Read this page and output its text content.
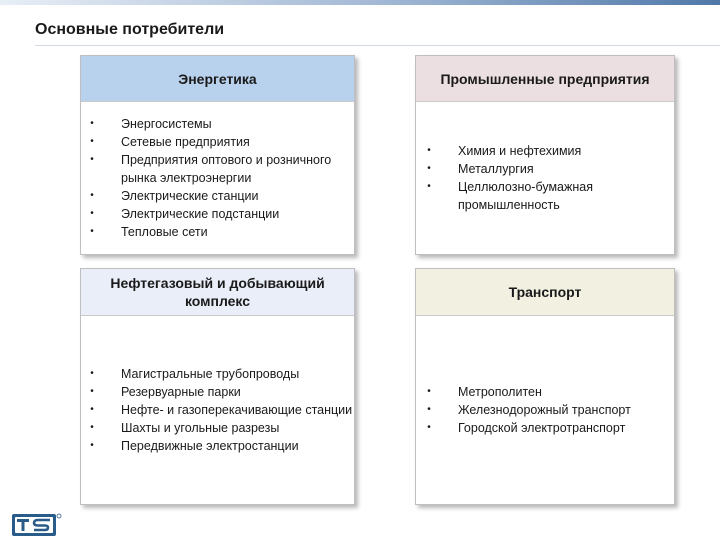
Основные потребители
Энергетика
• Энергосистемы
• Сетевые предприятия
• Предприятия оптового и розничного рынка электроэнергии
• Электрические станции
• Электрические подстанции
• Тепловые сети
Промышленные предприятия
• Химия и нефтехимия
• Металлургия
• Целлюлозно-бумажная промышленность
Нефтегазовый и добывающий комплекс
• Магистральные трубопроводы
• Резервуарные парки
• Нефте- и газоперекачивающие станции
• Шахты и угольные разрезы
• Передвижные электростанции
Транспорт
• Метрополитен
• Железнодорожный транспорт
• Городской электротранспорт
